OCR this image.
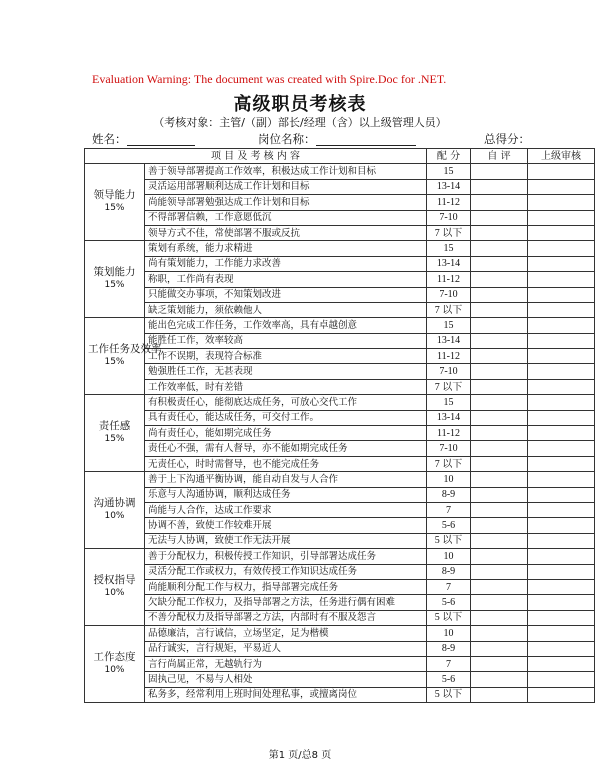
Evaluation Warning: The document was created with Spire.Doc for .NET.
高级职员考核表
（考核对象：主管/（副）部长/经理（含）以上级管理人员）
姓名：	岗位名称：	总得分：
项 目 及 考 核 内 容		配 分	自 评	上级审核

领导能力
15%	善于领导部署提高工作效率，积极达成工作计划和目标	15		
	灵活运用部署顺利达成工作计划和目标	13-14		
	尚能领导部署勉强达成工作计划和目标	11-12		
	不得部署信赖，工作意愿低沉	7-10		
	领导方式不佳，常使部署不服或反抗	7 以下		

策划能力
15%	策划有系统，能力求精进	15		
	尚有策划能力，工作能力求改善	13-14		
	称职，工作尚有表现	11-12		
	只能做交办事项，不知策划改进	7-10		
	缺乏策划能力，须依赖他人	7 以下		

工作任务及效率
15%	能出色完成工作任务，工作效率高，具有卓越创意	15		
	能胜任工作，效率较高	13-14		
	工作不误期，表现符合标准	11-12		
	勉强胜任工作，无甚表现	7-10		
	工作效率低，时有差错	7 以下		

责任感
15%	有积极责任心，能彻底达成任务，可放心交代工作	15		
	具有责任心，能达成任务，可交付工作。	13-14		
	尚有责任心，能如期完成任务	11-12		
	责任心不强，需有人督导，亦不能如期完成任务	7-10		
	无责任心，时时需督导，也不能完成任务	7 以下		

沟通协调
10%	善于上下沟通平衡协调，能自动自发与人合作	10		
	乐意与人沟通协调，顺利达成任务	8-9		
	尚能与人合作，达成工作要求	7		
	协调不善，致使工作较难开展	5-6		
	无法与人协调，致使工作无法开展	5 以下		

授权指导
10%	善于分配权力，积极传授工作知识，引导部署达成任务	10		
	灵活分配工作或权力，有效传授工作知识达成任务	8-9		
	尚能顺利分配工作与权力，指导部署完成任务	7		
	欠缺分配工作权力，及指导部署之方法，任务进行偶有困难	5-6		
	不善分配权力及指导部署之方法，内部时有不服及怨言	5 以下		

工作态度
10%	品德廉洁，言行诚信，立场坚定，足为楷模	10		
	品行诚实，言行规矩，平易近人	8-9		
	言行尚属正常，无越轨行为	7		
	固执己见，不易与人相处	5-6		
	私务多，经常利用上班时间处理私事，或擅离岗位	5 以下		
第1 页/总8 页
